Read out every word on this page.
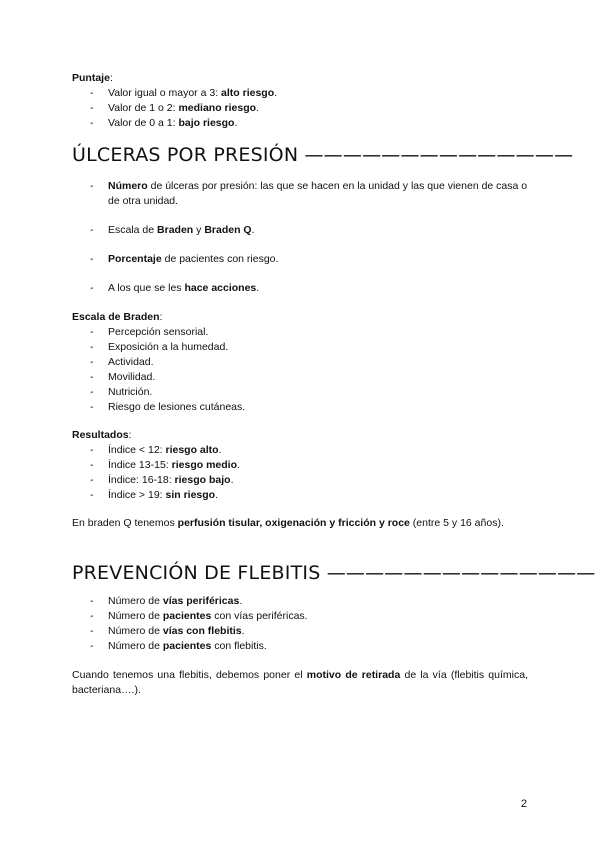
Puntaje:
- Valor igual o mayor a 3: alto riesgo.
- Valor de 1 o 2: mediano riesgo.
- Valor de 0 a 1: bajo riesgo.
ÚLCERAS POR PRESIÓN ——————————————
- Número de úlceras por presión: las que se hacen en la unidad y las que vienen de casa o de otra unidad.
- Escala de Braden y Braden Q.
- Porcentaje de pacientes con riesgo.
- A los que se les hace acciones.
Escala de Braden:
- Percepción sensorial.
- Exposición a la humedad.
- Actividad.
- Movilidad.
- Nutrición.
- Riesgo de lesiones cutáneas.
Resultados:
- Índice < 12: riesgo alto.
- Índice 13-15: riesgo medio.
- Índice: 16-18: riesgo bajo.
- Índice > 19: sin riesgo.
En braden Q tenemos perfusión tisular, oxigenación y fricción y roce (entre 5 y 16 años).
PREVENCIÓN DE FLEBITIS ——————————————
- Número de vías periféricas.
- Número de pacientes con vías periféricas.
- Número de vías con flebitis.
- Número de pacientes con flebitis.
Cuando tenemos una flebitis, debemos poner el motivo de retirada de la vía (flebitis química, bacteriana….).
2
